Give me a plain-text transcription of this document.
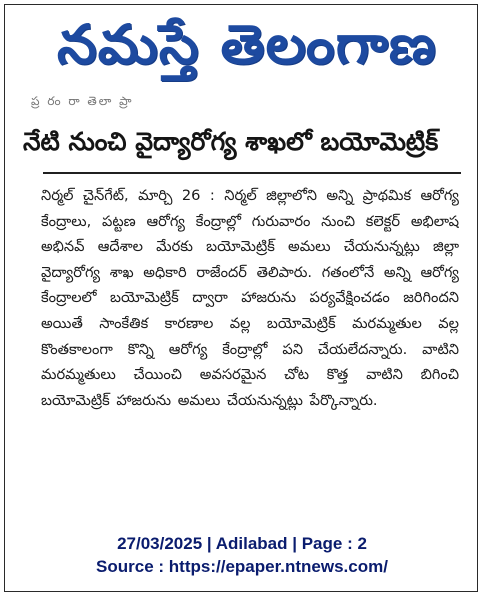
నమస్తే తెలంగాణ
ప్ర రం రా తెలా ప్రా
నేటి నుంచి వైద్యారోగ్య శాఖలో బయోమెట్రిక్

నిర్మల్ చైన్‌గేట్, మార్చి 26 : నిర్మల్ జిల్లాలోని అన్ని ప్రాథమిక ఆరోగ్య కేంద్రాలు, పట్టణ ఆరోగ్య కేంద్రాల్లో గురువారం నుంచి కలెక్టర్ అభిలాష అభినవ్ ఆదేశాల మేరకు బయోమెట్రిక్ అమలు చేయనున్నట్లు జిల్లా వైద్యారోగ్య శాఖ అధికారి రాజేందర్ తెలిపారు. గతంలోనే అన్ని ఆరోగ్య కేంద్రాలలో బయోమెట్రిక్ ద్వారా హాజరును పర్యవేక్షించడం జరిగిందని అయితే సాంకేతిక కారణాల వల్ల బయోమెట్రిక్ మరమ్మతుల వల్ల కొంతకాలంగా కొన్ని ఆరోగ్య కేంద్రాల్లో పని చేయలేదన్నారు. వాటిని మరమ్మతులు చేయించి అవసరమైన చోట కొత్త వాటిని బిగించి బయోమెట్రిక్ హాజరును అమలు చేయనున్నట్లు పేర్కొన్నారు.

27/03/2025 | Adilabad | Page : 2
Source : https://epaper.ntnews.com/
